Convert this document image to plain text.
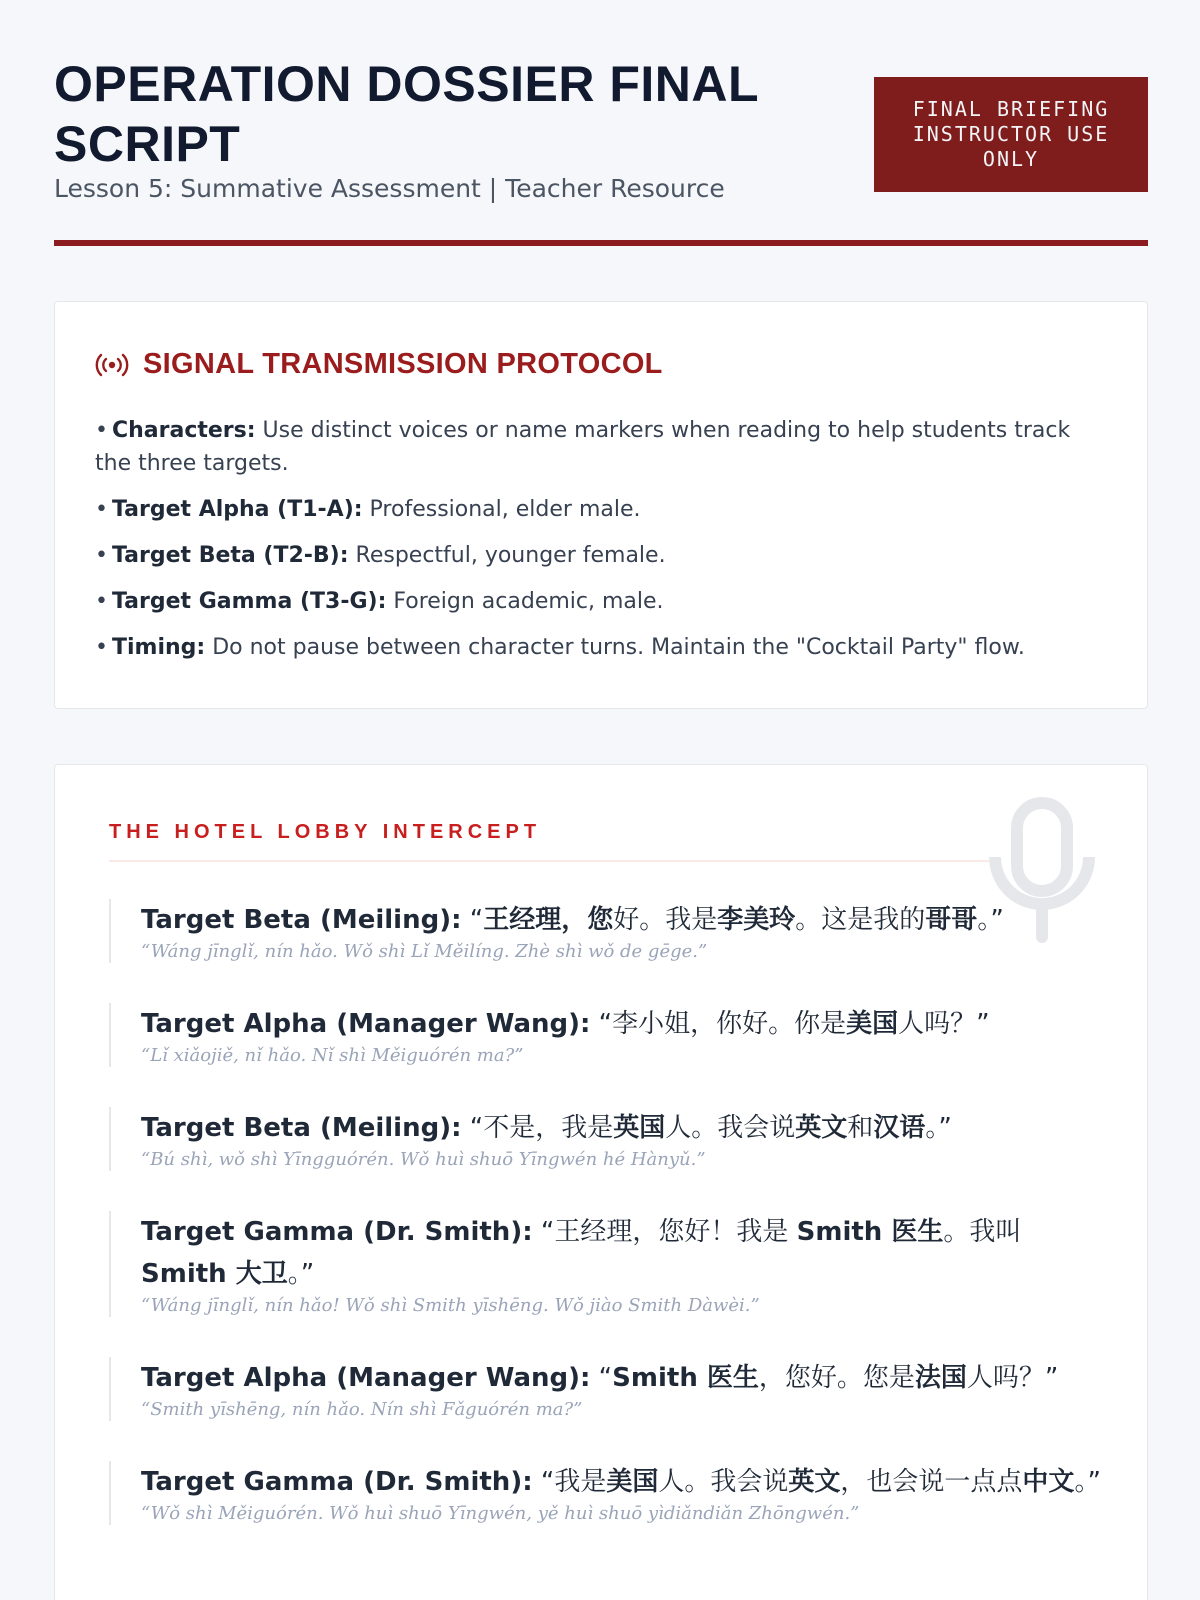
OPERATION DOSSIER FINAL SCRIPT
Lesson 5: Summative Assessment | Teacher Resource
FINAL BRIEFING
INSTRUCTOR USE
ONLY
SIGNAL TRANSMISSION PROTOCOL

• Characters: Use distinct voices or name markers when reading to help students track the three targets.

• Target Alpha (T1-A): Professional, elder male.

• Target Beta (T2-B): Respectful, younger female.

• Target Gamma (T3-G): Foreign academic, male.

• Timing: Do not pause between character turns. Maintain the "Cocktail Party" flow.

THE HOTEL LOBBY INTERCEPT
Target Beta (Meiling): “王经理，您好。我是李美玲。这是我的哥哥。”
“Wáng jīnglǐ, nín hǎo. Wǒ shì Lǐ Měilíng. Zhè shì wǒ de gēge.”
Target Alpha (Manager Wang): “李小姐，你好。你是美国人吗？”
“Lǐ xiǎojiě, nǐ hǎo. Nǐ shì Měiguórén ma?”
Target Beta (Meiling): “不是，我是英国人。我会说英文和汉语。”
“Bú shì, wǒ shì Yīngguórén. Wǒ huì shuō Yīngwén hé Hànyǔ.”
Target Gamma (Dr. Smith): “王经理，您好！我是 Smith 医生。我叫 Smith 大卫。”
“Wáng jīnglǐ, nín hǎo! Wǒ shì Smith yīshēng. Wǒ jiào Smith Dàwèi.”
Target Alpha (Manager Wang): “Smith 医生，您好。您是法国人吗？”
“Smith yīshēng, nín hǎo. Nín shì Fǎguórén ma?”
Target Gamma (Dr. Smith): “我是美国人。我会说英文，也会说一点点中文。”
“Wǒ shì Měiguórén. Wǒ huì shuō Yīngwén, yě huì shuō yìdiǎndiǎn Zhōngwén.”
